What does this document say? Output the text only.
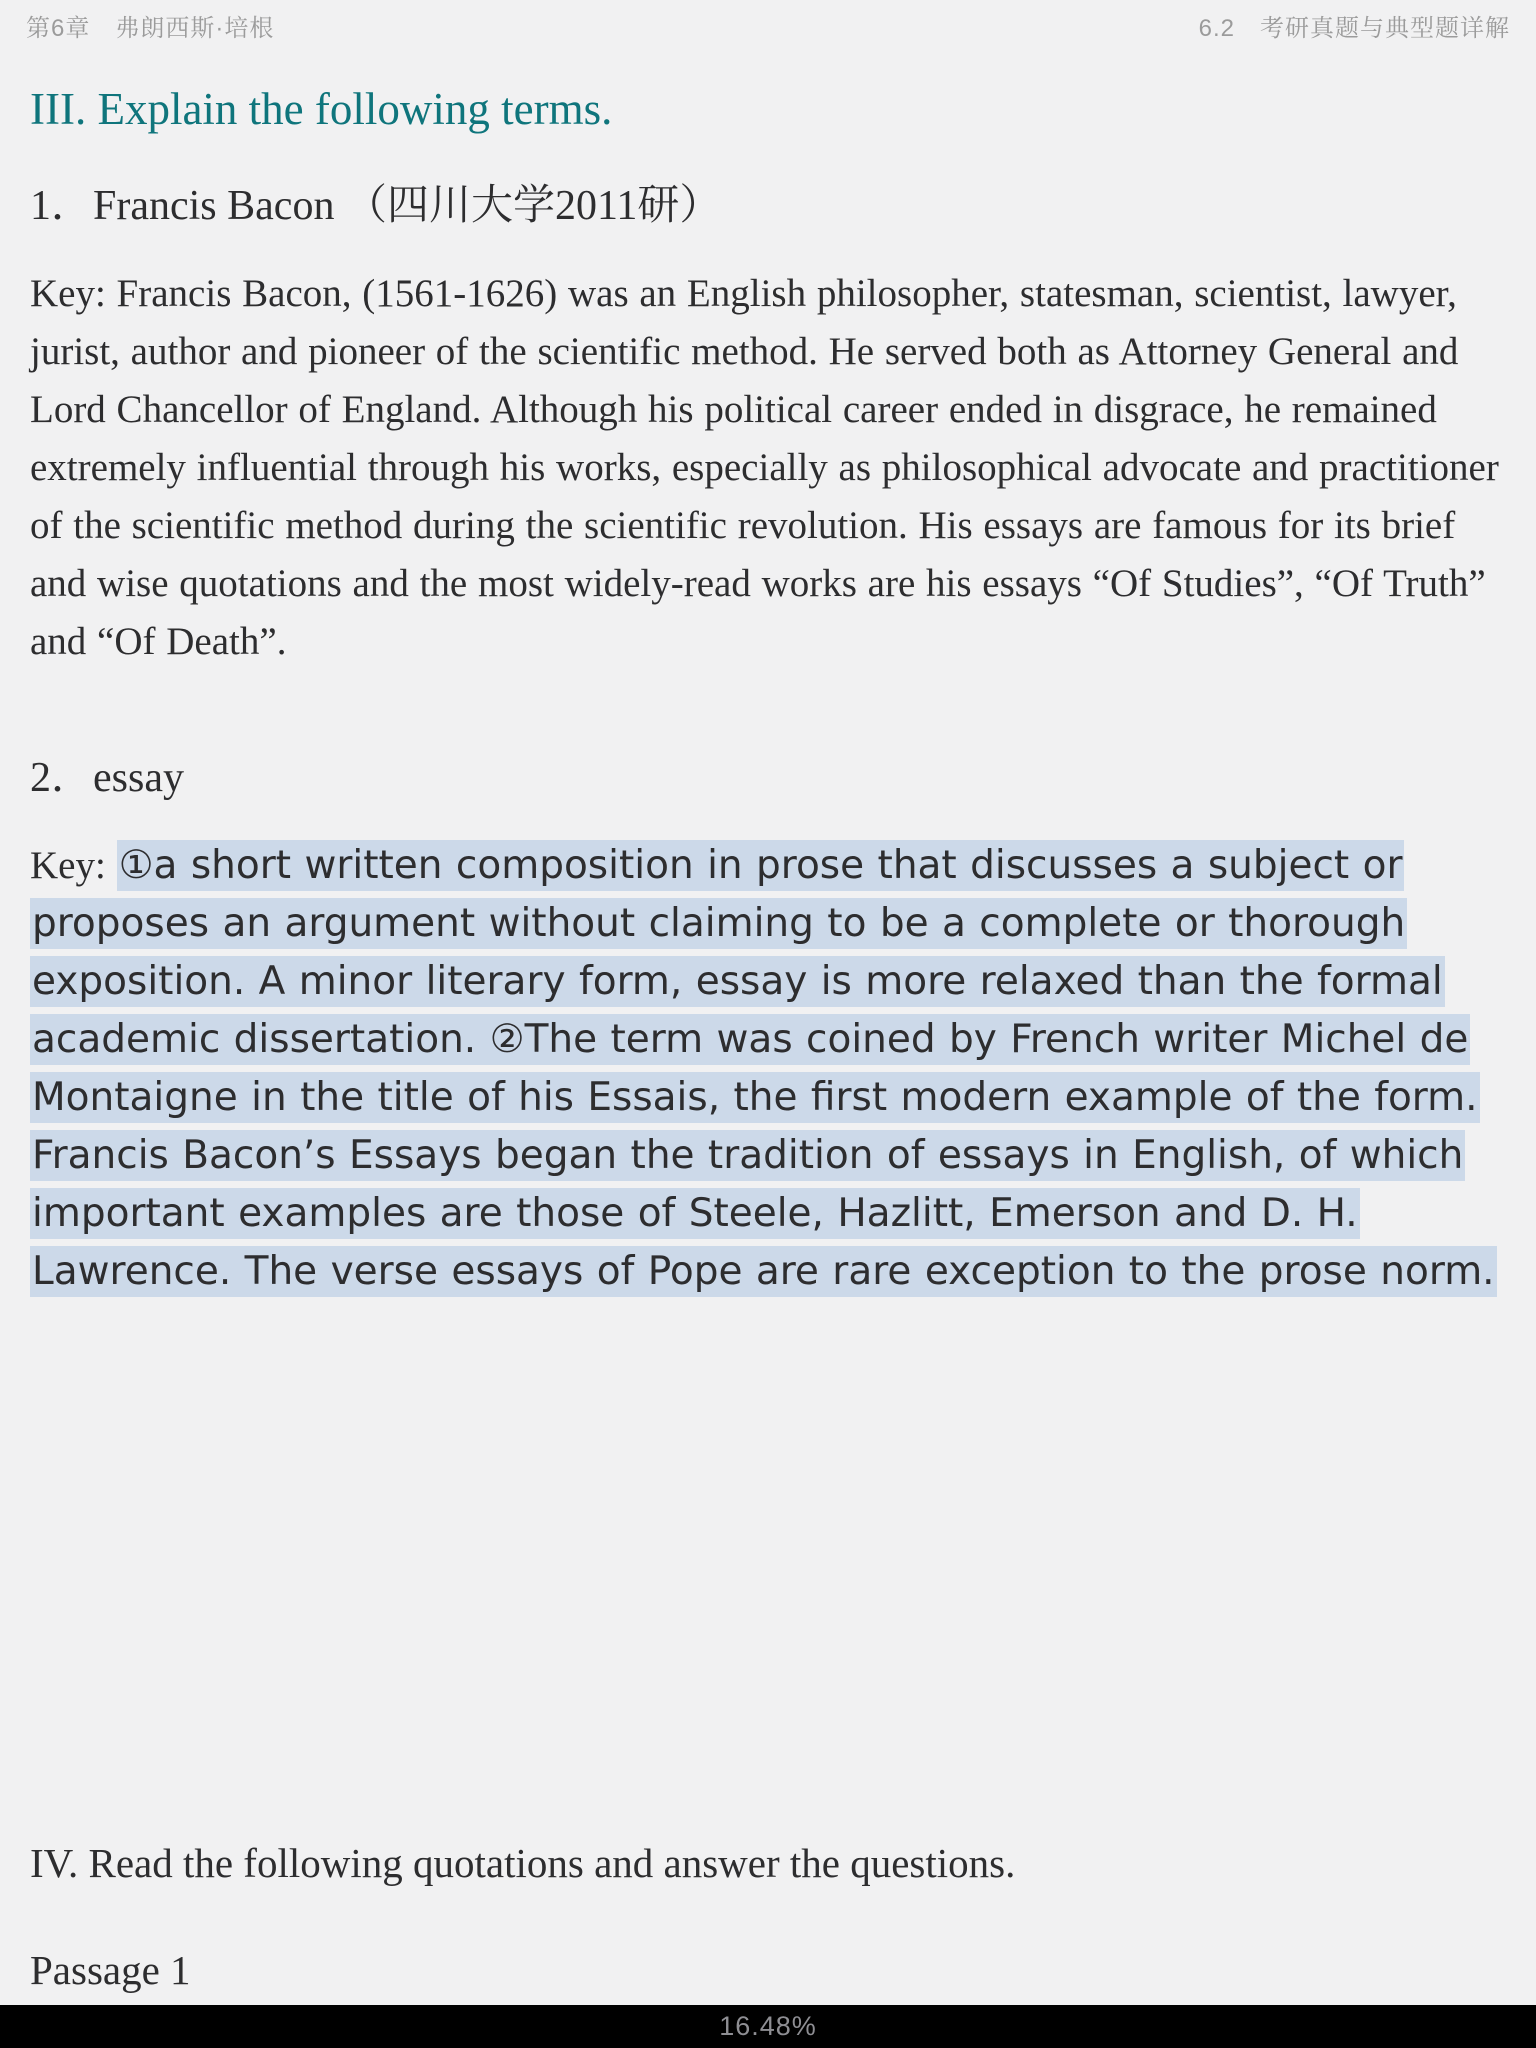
第6章　弗朗西斯·培根	6.2　考研真题与典型题详解
III. Explain the following terms.
1．Francis Bacon （四川大学2011研）

Key: Francis Bacon, (1561-1626) was an English philosopher, statesman, scientist, lawyer, jurist, author and pioneer of the scientific method. He served both as Attorney General and Lord Chancellor of England. Although his political career ended in disgrace, he remained extremely influential through his works, especially as philosophical advocate and practitioner of the scientific method during the scientific revolution. His essays are famous for its brief and wise quotations and the most widely-read works are his essays “Of Studies”, “Of Truth” and “Of Death”.

2．essay

Key: ①a short written composition in prose that discusses a subject or proposes an argument without claiming to be a complete or thorough exposition. A minor literary form, essay is more relaxed than the formal academic dissertation. ②The term was coined by French writer Michel de Montaigne in the title of his Essais, the first modern example of the form. Francis Bacon’s Essays began the tradition of essays in English, of which important examples are those of Steele, Hazlitt, Emerson and D. H. Lawrence. The verse essays of Pope are rare exception to the prose norm.

IV. Read the following quotations and answer the questions.

Passage 1

16.48%
